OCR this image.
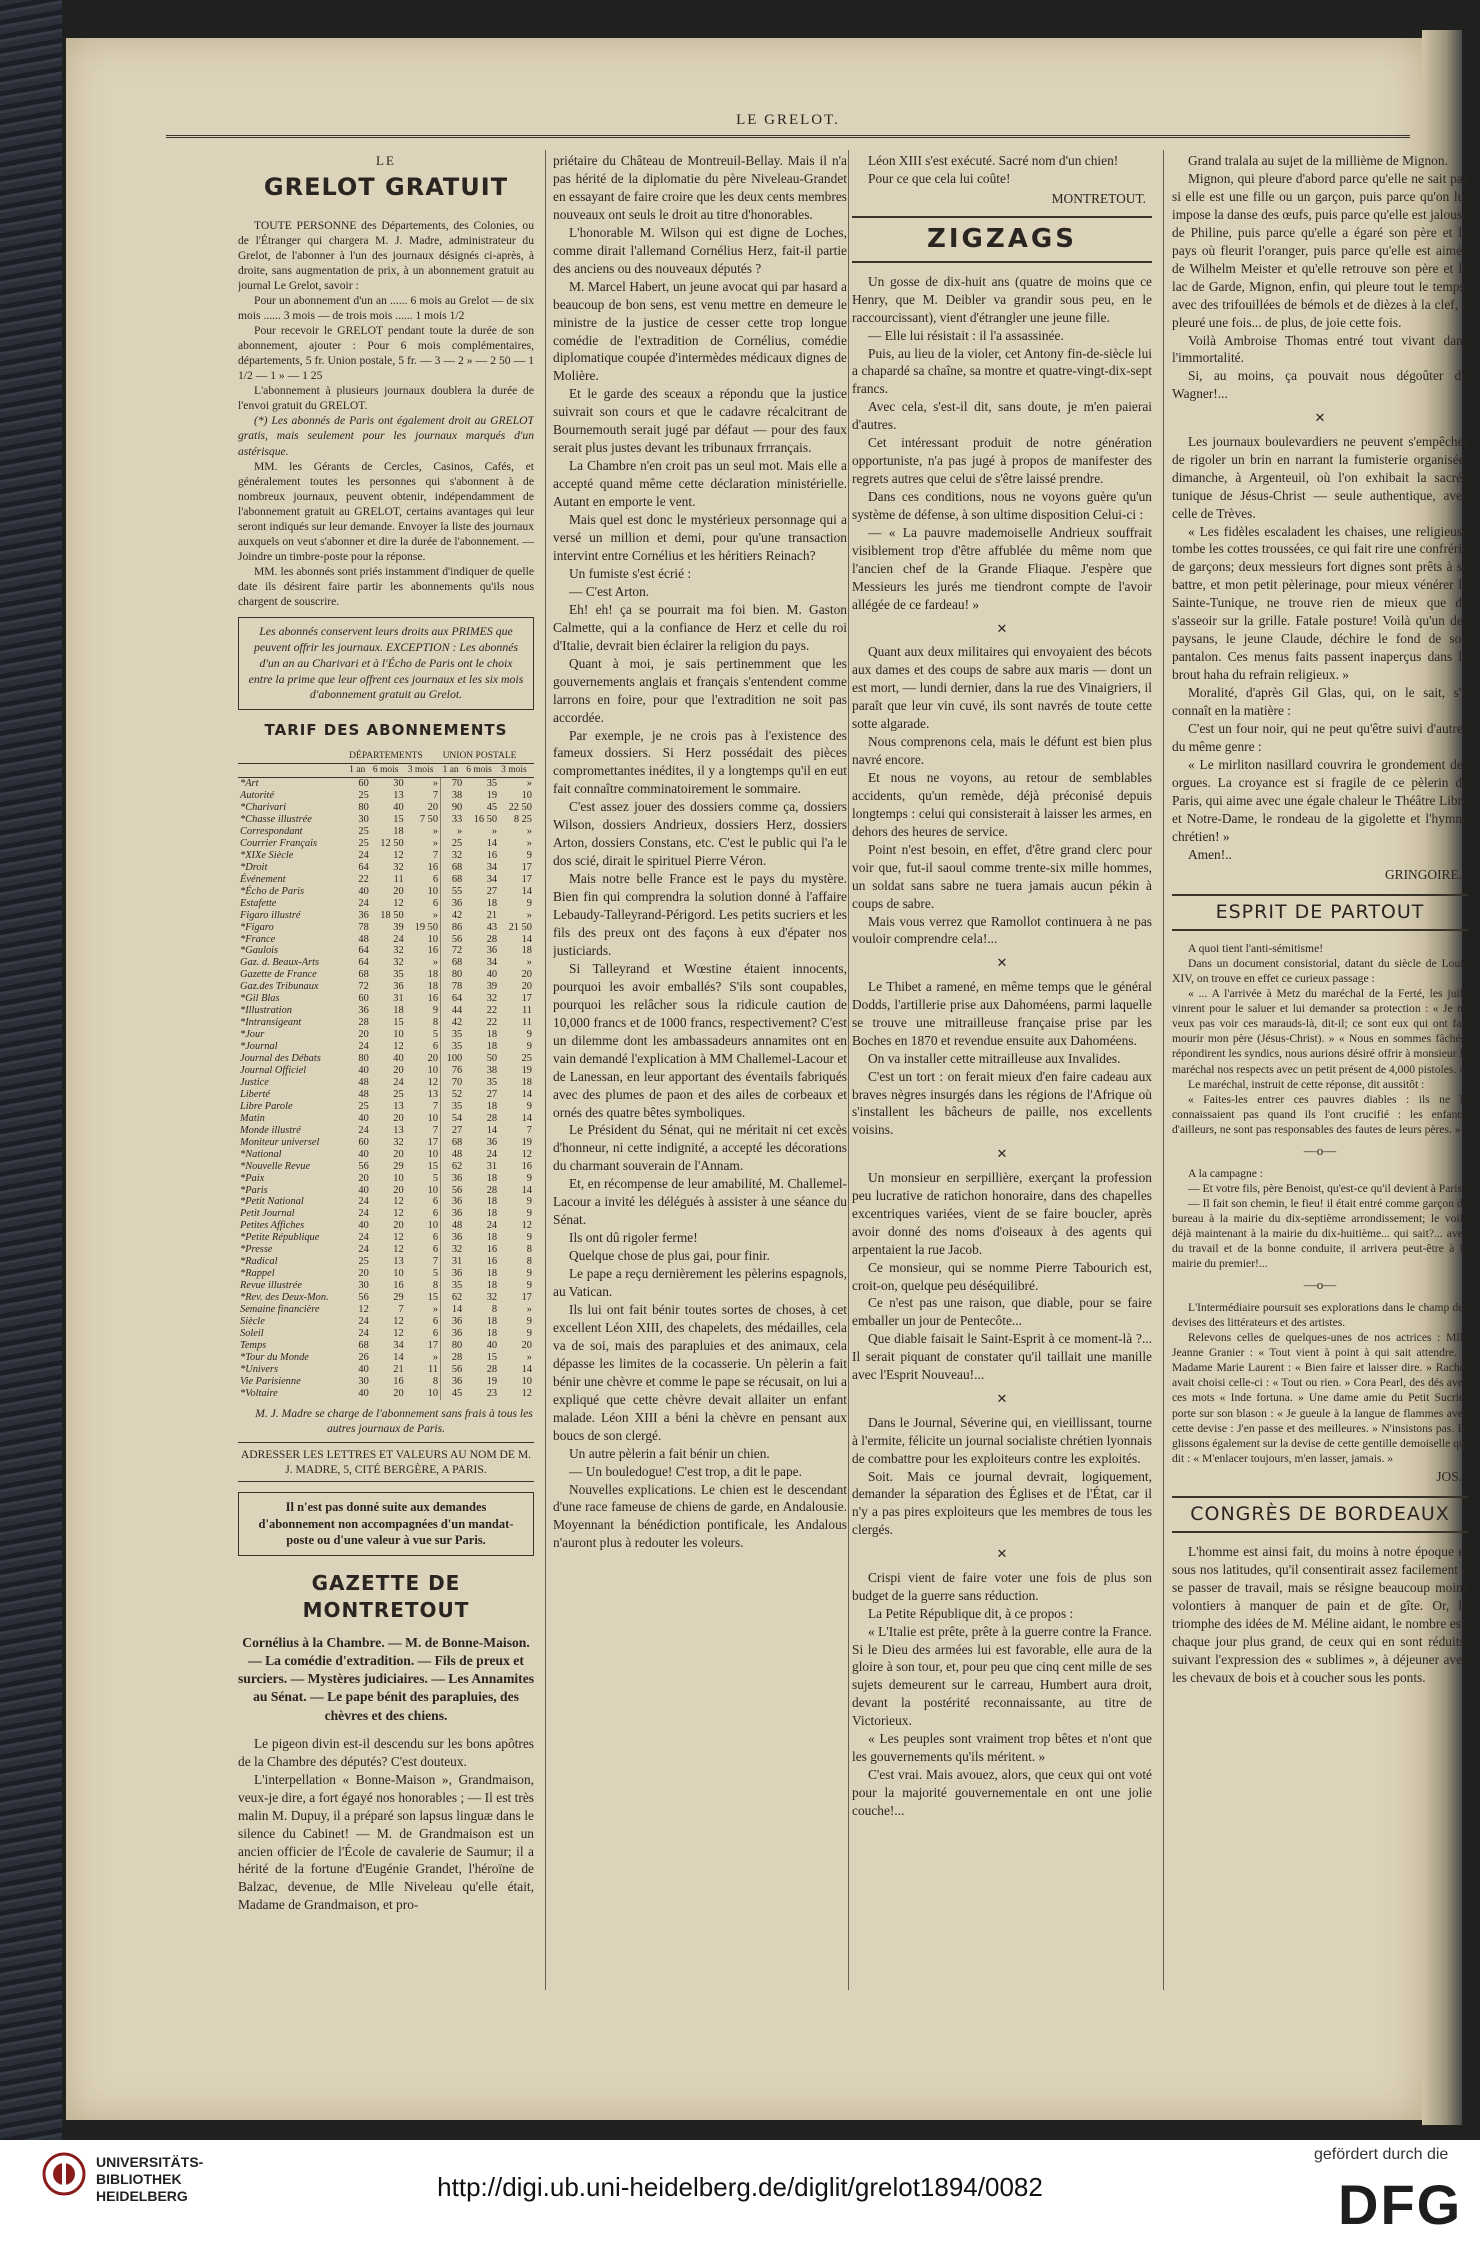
LE GRELOT.
LE
GRELOT GRATUIT

TOUTE PERSONNE des Départements, des Colonies, ou de l'Étranger qui chargera M. J. Madre, administrateur du Grelot, de l'abonner à l'un des journaux désignés ci-après, à droite, sans augmentation de prix, à un abonnement gratuit au journal Le Grelot, savoir :

Pour un abonnement d'un an ...... 6 mois au Grelot — de six mois ...... 3 mois — de trois mois ...... 1 mois 1/2

Pour recevoir le GRELOT pendant toute la durée de son abonnement, ajouter : Pour 6 mois complémentaires, départements, 5 fr. Union postale, 5 fr. — 3 — 2 » — 2 50 — 1 1/2 — 1 » — 1 25

L'abonnement à plusieurs journaux doublera la durée de l'envoi gratuit du GRELOT.

(*) Les abonnés de Paris ont également droit au GRELOT gratis, mais seulement pour les journaux marqués d'un astérisque.

MM. les Gérants de Cercles, Casinos, Cafés, et généralement toutes les personnes qui s'abonnent à de nombreux journaux, peuvent obtenir, indépendamment de l'abonnement gratuit au GRELOT, certains avantages qui leur seront indiqués sur leur demande. Envoyer la liste des journaux auxquels on veut s'abonner et dire la durée de l'abonnement. — Joindre un timbre-poste pour la réponse.

MM. les abonnés sont priés instamment d'indiquer de quelle date ils désirent faire partir les abonnements qu'ils nous chargent de souscrire.

Les abonnés conservent leurs droits aux PRIMES que peuvent offrir les journaux. EXCEPTION : Les abonnés d'un an au Charivari et à l'Écho de Paris ont le choix entre la prime que leur offrent ces journaux et les six mois d'abonnement gratuit au Grelot.
TARIF DES ABONNEMENTS
	DÉPARTEMENTS			UNION POSTALE		
	1 an	6 mois	3 mois	1 an	6 mois	3 mois
*Art	60	30	»	70	35	»
Autorité	25	13	7	38	19	10
*Charivari	80	40	20	90	45	22 50
*Chasse illustrée	30	15	7 50	33	16 50	8 25
Correspondant	25	18	»	»	»	»
Courrier Français	25	12 50	»	25	14	»
*XIXe Siècle	24	12	7	32	16	9
*Droit	64	32	16	68	34	17
Événement	22	11	6	68	34	17
*Écho de Paris	40	20	10	55	27	14
Estafette	24	12	6	36	18	9
Figaro illustré	36	18 50	»	42	21	»
*Figaro	78	39	19 50	86	43	21 50
*France	48	24	10	56	28	14
*Gaulois	64	32	16	72	36	18
Gaz. d. Beaux-Arts	64	32	»	68	34	»
Gazette de France	68	35	18	80	40	20
Gaz.des Tribunaux	72	36	18	78	39	20
*Gil Blas	60	31	16	64	32	17
*Illustration	36	18	9	44	22	11
*Intransigeant	28	15	8	42	22	11
*Jour	20	10	5	35	18	9
*Journal	24	12	6	35	18	9
Journal des Débats	80	40	20	100	50	25
Journal Officiel	40	20	10	76	38	19
Justice	48	24	12	70	35	18
Liberté	48	25	13	52	27	14
Libre Parole	25	13	7	35	18	9
Matin	40	20	10	54	28	14
Monde illustré	24	13	7	27	14	7
Moniteur universel	60	32	17	68	36	19
*National	40	20	10	48	24	12
*Nouvelle Revue	56	29	15	62	31	16
*Paix	20	10	5	36	18	9
*Paris	40	20	10	56	28	14
*Petit National	24	12	6	36	18	9
Petit Journal	24	12	6	36	18	9
Petites Affiches	40	20	10	48	24	12
*Petite République	24	12	6	36	18	9
*Presse	24	12	6	32	16	8
*Radical	25	13	7	31	16	8
*Rappel	20	10	5	36	18	9
Revue illustrée	30	16	8	35	18	9
*Rev. des Deux-Mon.	56	29	15	62	32	17
Semaine financière	12	7	»	14	8	»
Siècle	24	12	6	36	18	9
Soleil	24	12	6	36	18	9
Temps	68	34	17	80	40	20
*Tour du Monde	26	14	»	28	15	»
*Univers	40	21	11	56	28	14
Vie Parisienne	30	16	8	36	19	10
*Voltaire	40	20	10	45	23	12

M. J. Madre se charge de l'abonnement sans frais à tous les autres journaux de Paris.

ADRESSER LES LETTRES ET VALEURS AU NOM DE M. J. MADRE, 5, CITÉ BERGÈRE, A PARIS.

Il n'est pas donné suite aux demandes d'abonnement non accompagnées d'un mandat-poste ou d'une valeur à vue sur Paris.
GAZETTE DE MONTRETOUT
Cornélius à la Chambre. — M. de Bonne-Maison. — La comédie d'extradition. — Fils de preux et surciers. — Mystères judiciaires. — Les Annamites au Sénat. — Le pape bénit des parapluies, des chèvres et des chiens.

Le pigeon divin est-il descendu sur les bons apôtres de la Chambre des députés? C'est douteux.

L'interpellation « Bonne-Maison », Grandmaison, veux-je dire, a fort égayé nos honorables ; — Il est très malin M. Dupuy, il a préparé son lapsus linguæ dans le silence du Cabinet! — M. de Grandmaison est un ancien officier de l'École de cavalerie de Saumur; il a hérité de la fortune d'Eugénie Grandet, l'héroïne de Balzac, devenue, de Mlle Niveleau qu'elle était, Madame de Grandmaison, et pro-

priétaire du Château de Montreuil-Bellay. Mais il n'a pas hérité de la diplomatie du père Niveleau-Grandet en essayant de faire croire que les deux cents membres nouveaux ont seuls le droit au titre d'honorables.

L'honorable M. Wilson qui est digne de Loches, comme dirait l'allemand Cornélius Herz, fait-il partie des anciens ou des nouveaux députés ?

M. Marcel Habert, un jeune avocat qui par hasard a beaucoup de bon sens, est venu mettre en demeure le ministre de la justice de cesser cette trop longue comédie de l'extradition de Cornélius, comédie diplomatique coupée d'intermèdes médicaux dignes de Molière.

Et le garde des sceaux a répondu que la justice suivrait son cours et que le cadavre récalcitrant de Bournemouth serait jugé par défaut — pour des faux serait plus justes devant les tribunaux frrrançais.

La Chambre n'en croit pas un seul mot. Mais elle a accepté quand même cette déclaration ministérielle. Autant en emporte le vent.

Mais quel est donc le mystérieux personnage qui a versé un million et demi, pour qu'une transaction intervint entre Cornélius et les héritiers Reinach?

Un fumiste s'est écrié :

— C'est Arton.

Eh! eh! ça se pourrait ma foi bien. M. Gaston Calmette, qui a la confiance de Herz et celle du roi d'Italie, devrait bien éclairer la religion du pays.

Quant à moi, je sais pertinemment que les gouvernements anglais et français s'entendent comme larrons en foire, pour que l'extradition ne soit pas accordée.

Par exemple, je ne crois pas à l'existence des fameux dossiers. Si Herz possédait des pièces compromettantes inédites, il y a longtemps qu'il en eut fait connaître comminatoirement le sommaire.

C'est assez jouer des dossiers comme ça, dossiers Wilson, dossiers Andrieux, dossiers Herz, dossiers Arton, dossiers Constans, etc. C'est le public qui l'a le dos scié, dirait le spirituel Pierre Véron.

Mais notre belle France est le pays du mystère. Bien fin qui comprendra la solution donné à l'affaire Lebaudy-Talleyrand-Périgord. Les petits sucriers et les fils des preux ont des façons à eux d'épater nos justiciards.

Si Talleyrand et Wœstine étaient innocents, pourquoi les avoir emballés? S'ils sont coupables, pourquoi les relâcher sous la ridicule caution de 10,000 francs et de 1000 francs, respectivement? C'est un dilemme dont les ambassadeurs annamites ont en vain demandé l'explication à MM Challemel-Lacour et de Lanessan, en leur apportant des éventails fabriqués avec des plumes de paon et des ailes de corbeaux et ornés des quatre bêtes symboliques.

Le Président du Sénat, qui ne méritait ni cet excès d'honneur, ni cette indignité, a accepté les décorations du charmant souverain de l'Annam.

Et, en récompense de leur amabilité, M. Challemel-Lacour a invité les délégués à assister à une séance du Sénat.

Ils ont dû rigoler ferme!

Quelque chose de plus gai, pour finir.

Le pape a reçu dernièrement les pèlerins espagnols, au Vatican.

Ils lui ont fait bénir toutes sortes de choses, à cet excellent Léon XIII, des chapelets, des médailles, cela va de soi, mais des parapluies et des animaux, cela dépasse les limites de la cocasserie. Un pèlerin a fait bénir une chèvre et comme le pape se récusait, on lui a expliqué que cette chèvre devait allaiter un enfant malade. Léon XIII a béni la chèvre en pensant aux boucs de son clergé.

Un autre pèlerin a fait bénir un chien.

— Un bouledogue! C'est trop, a dit le pape.

Nouvelles explications. Le chien est le descendant d'une race fameuse de chiens de garde, en Andalousie. Moyennant la bénédiction pontificale, les Andalous n'auront plus à redouter les voleurs.

Léon XIII s'est exécuté. Sacré nom d'un chien!

Pour ce que cela lui coûte!

MONTRETOUT.
ZIGZAGS

Un gosse de dix-huit ans (quatre de moins que ce Henry, que M. Deibler va grandir sous peu, en le raccourcissant), vient d'étrangler une jeune fille.

— Elle lui résistait : il l'a assassinée.

Puis, au lieu de la violer, cet Antony fin-de-siècle lui a chapardé sa chaîne, sa montre et quatre-vingt-dix-sept francs.

Avec cela, s'est-il dit, sans doute, je m'en paierai d'autres.

Cet intéressant produit de notre génération opportuniste, n'a pas jugé à propos de manifester des regrets autres que celui de s'être laissé prendre.

Dans ces conditions, nous ne voyons guère qu'un système de défense, à son ultime disposition Celui-ci :

— « La pauvre mademoiselle Andrieux souffrait visiblement trop d'être affublée du même nom que l'ancien chef de la Grande Fliaque. J'espère que Messieurs les jurés me tiendront compte de l'avoir allégée de ce fardeau! »

✕

Quant aux deux militaires qui envoyaient des bécots aux dames et des coups de sabre aux maris — dont un est mort, — lundi dernier, dans la rue des Vinaigriers, il paraît que leur vin cuvé, ils sont navrés de toute cette sotte algarade.

Nous comprenons cela, mais le défunt est bien plus navré encore.

Et nous ne voyons, au retour de semblables accidents, qu'un remède, déjà préconisé depuis longtemps : celui qui consisterait à laisser les armes, en dehors des heures de service.

Point n'est besoin, en effet, d'être grand clerc pour voir que, fut-il saoul comme trente-six mille hommes, un soldat sans sabre ne tuera jamais aucun pékin à coups de sabre.

Mais vous verrez que Ramollot continuera à ne pas vouloir comprendre cela!...

✕

Le Thibet a ramené, en même temps que le général Dodds, l'artillerie prise aux Dahoméens, parmi laquelle se trouve une mitrailleuse française prise par les Boches en 1870 et revendue ensuite aux Dahoméens.

On va installer cette mitrailleuse aux Invalides.

C'est un tort : on ferait mieux d'en faire cadeau aux braves nègres insurgés dans les régions de l'Afrique où s'installent les bâcheurs de paille, nos excellents voisins.

✕

Un monsieur en serpillière, exerçant la profession peu lucrative de ratichon honoraire, dans des chapelles excentriques variées, vient de se faire boucler, après avoir donné des noms d'oiseaux à des agents qui arpentaient la rue Jacob.

Ce monsieur, qui se nomme Pierre Tabourich est, croit-on, quelque peu déséquilibré.

Ce n'est pas une raison, que diable, pour se faire emballer un jour de Pentecôte...

Que diable faisait le Saint-Esprit à ce moment-là ?... Il serait piquant de constater qu'il taillait une manille avec l'Esprit Nouveau!...

✕

Dans le Journal, Séverine qui, en vieillissant, tourne à l'ermite, félicite un journal socialiste chrétien lyonnais de combattre pour les exploiteurs contre les exploités.

Soit. Mais ce journal devrait, logiquement, demander la séparation des Églises et de l'État, car il n'y a pas pires exploiteurs que les membres de tous les clergés.

✕

Crispi vient de faire voter une fois de plus son budget de la guerre sans réduction.

La Petite République dit, à ce propos :

« L'Italie est prête, prête à la guerre contre la France. Si le Dieu des armées lui est favorable, elle aura de la gloire à son tour, et, pour peu que cinq cent mille de ses sujets demeurent sur le carreau, Humbert aura droit, devant la postérité reconnaissante, au titre de Victorieux.

« Les peuples sont vraiment trop bêtes et n'ont que les gouvernements qu'ils méritent. »

C'est vrai. Mais avouez, alors, que ceux qui ont voté pour la majorité gouvernementale en ont une jolie couche!...

Grand tralala au sujet de la millième de Mignon.

Mignon, qui pleure d'abord parce qu'elle ne sait pas si elle est une fille ou un garçon, puis parce qu'on lui impose la danse des œufs, puis parce qu'elle est jalouse de Philine, puis parce qu'elle a égaré son père et le pays où fleurit l'oranger, puis parce qu'elle est aimée de Wilhelm Meister et qu'elle retrouve son père et le lac de Garde, Mignon, enfin, qui pleure tout le temps, avec des trifouillées de bémols et de dièzes à la clef, a pleuré une fois... de plus, de joie cette fois.

Voilà Ambroise Thomas entré tout vivant dans l'immortalité.

Si, au moins, ça pouvait nous dégoûter du Wagner!...

✕

Les journaux boulevardiers ne peuvent s'empêcher de rigoler un brin en narrant la fumisterie organisée, dimanche, à Argenteuil, où l'on exhibait la sacrée tunique de Jésus-Christ — seule authentique, avec celle de Trèves.

« Les fidèles escaladent les chaises, une religieuse tombe les cottes troussées, ce qui fait rire une confrérie de garçons; deux messieurs fort dignes sont prêts à se battre, et mon petit pèlerinage, pour mieux vénérer la Sainte-Tunique, ne trouve rien de mieux que de s'asseoir sur la grille. Fatale posture! Voilà qu'un des paysans, le jeune Claude, déchire le fond de son pantalon. Ces menus faits passent inaperçus dans le brout haha du refrain religieux. »

Moralité, d'après Gil Glas, qui, on le sait, s'y connaît en la matière :

C'est un four noir, qui ne peut qu'être suivi d'autres du même genre :

« Le mirliton nasillard couvrira le grondement des orgues. La croyance est si fragile de ce pèlerin de Paris, qui aime avec une égale chaleur le Théâtre Libre et Notre-Dame, le rondeau de la gigolette et l'hymne chrétien! »

Amen!..

GRINGOIRE.
ESPRIT DE PARTOUT

A quoi tient l'anti-sémitisme!

Dans un document consistorial, datant du siècle de Louis XIV, on trouve en effet ce curieux passage :

« ... A l'arrivée à Metz du maréchal de la Ferté, les juifs vinrent pour le saluer et lui demander sa protection : « Je ne veux pas voir ces marauds-là, dit-il; ce sont eux qui ont fait mourir mon père (Jésus-Christ). » « Nous en sommes fâchés, répondirent les syndics, nous aurions désiré offrir à monsieur le maréchal nos respects avec un petit présent de 4,000 pistoles. »

Le maréchal, instruit de cette réponse, dit aussitôt :

« Faites-les entrer ces pauvres diables : ils ne le connaissaient pas quand ils l'ont crucifié : les enfants, d'ailleurs, ne sont pas responsables des fautes de leurs pères. »

—o—

A la campagne :

— Et votre fils, père Benoist, qu'est-ce qu'il devient à Paris?

— Il fait son chemin, le fieu! il était entré comme garçon de bureau à la mairie du dix-septième arrondissement; le voilà déjà maintenant à la mairie du dix-huitième... qui sait?... avec du travail et de la bonne conduite, il arrivera peut-être à la mairie du premier!...

—o—

L'Intermédiaire poursuit ses explorations dans le champ des devises des littérateurs et des artistes.

Relevons celles de quelques-unes de nos actrices : Mlle Jeanne Granier : « Tout vient à point à qui sait attendre. » Madame Marie Laurent : « Bien faire et laisser dire. » Rachel avait choisi celle-ci : « Tout ou rien. » Cora Pearl, des dés avec ces mots « Inde fortuna. » Une dame amie du Petit Sucrier porte sur son blason : « Je gueule à la langue de flammes avec cette devise : J'en passe et des meilleures. » N'insistons pas. Et glissons également sur la devise de cette gentille demoiselle qui dit : « M'enlacer toujours, m'en lasser, jamais. »

JOS.
CONGRÈS DE BORDEAUX

L'homme est ainsi fait, du moins à notre époque et sous nos latitudes, qu'il consentirait assez facilement à se passer de travail, mais se résigne beaucoup moins volontiers à manquer de pain et de gîte. Or, le triomphe des idées de M. Méline aidant, le nombre est, chaque jour plus grand, de ceux qui en sont réduits, suivant l'expression des « sublimes », à déjeuner avec les chevaux de bois et à coucher sous les ponts.

UNIVERSITÄTS-
BIBLIOTHEK
HEIDELBERG	http://digi.ub.uni-heidelberg.de/diglit/grelot1894/0082
gefördert durch die
DFG
